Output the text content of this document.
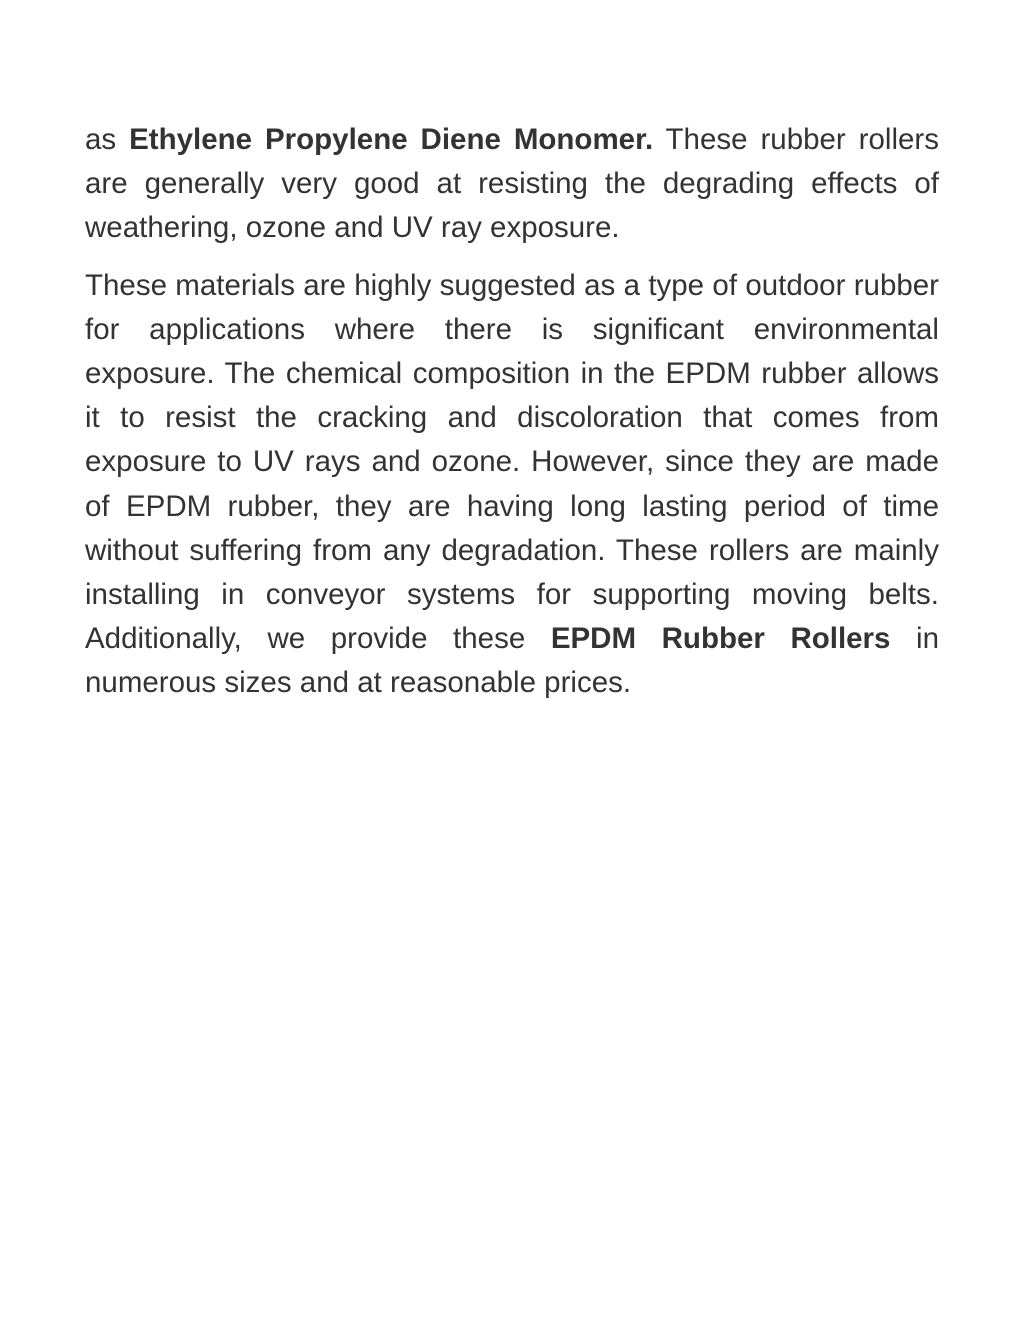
as Ethylene Propylene Diene Monomer. These rubber rollers are generally very good at resisting the degrading effects of weathering, ozone and UV ray exposure.

These materials are highly suggested as a type of outdoor rubber for applications where there is significant environmental exposure. The chemical composition in the EPDM rubber allows it to resist the cracking and discoloration that comes from exposure to UV rays and ozone. However, since they are made of EPDM rubber, they are having long lasting period of time without suffering from any degradation. These rollers are mainly installing in conveyor systems for supporting moving belts. Additionally, we provide these EPDM Rubber Rollers in numerous sizes and at reasonable prices.
